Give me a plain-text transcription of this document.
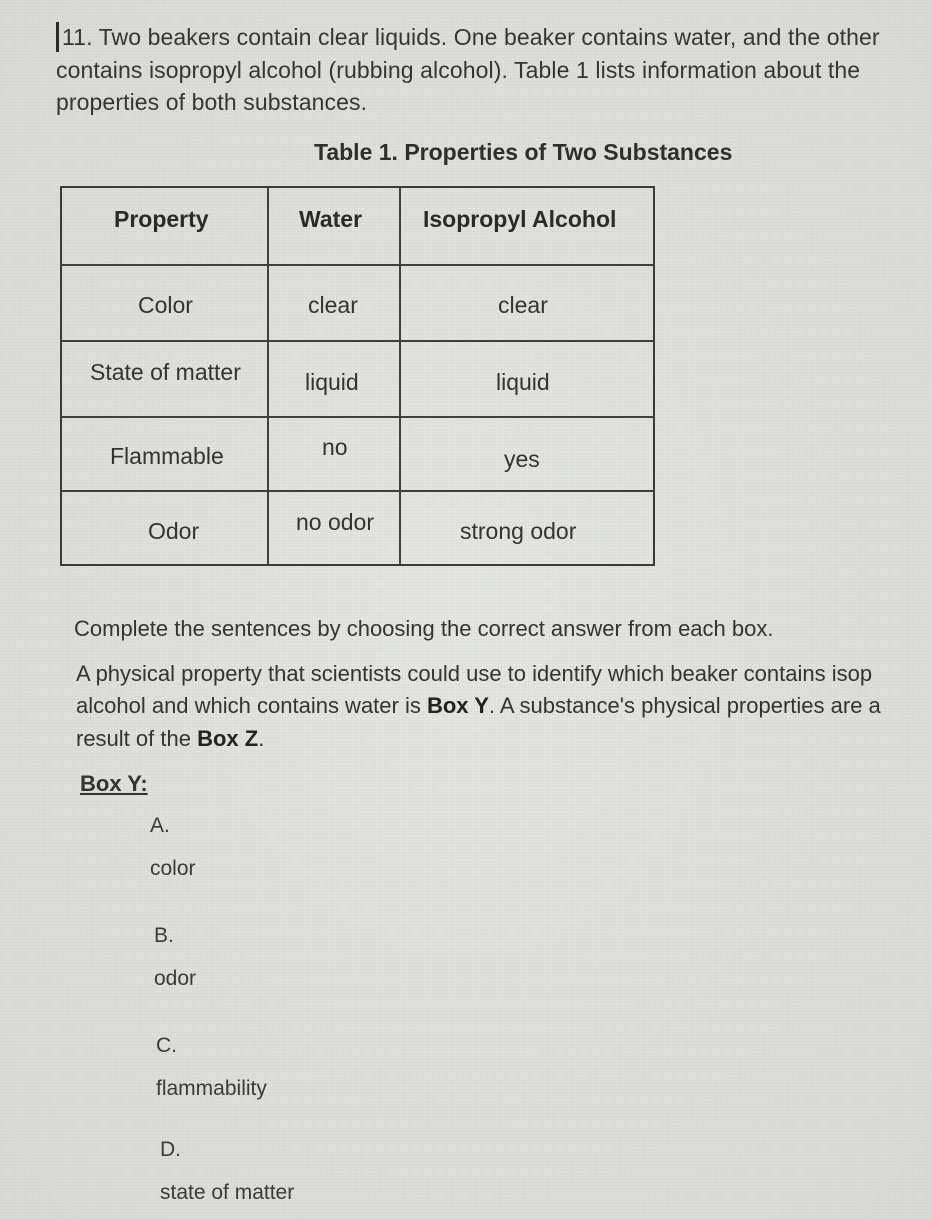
11. Two beakers contain clear liquids. One beaker contains water, and the other
contains isopropyl alcohol (rubbing alcohol). Table 1 lists information about the
properties of both substances.
Table 1. Properties of Two Substances
Property	Water	Isopropyl Alcohol
Color	clear	clear
State of matter	liquid	liquid
Flammable	no	yes
Odor	no odor	strong odor
Complete the sentences by choosing the correct answer from each box.
A physical property that scientists could use to identify which beaker contains isop
alcohol and which contains water is Box Y. A substance's physical properties are a
result of the Box Z.
Box Y:
A.
color
B.
odor
C.
flammability
D.
state of matter
